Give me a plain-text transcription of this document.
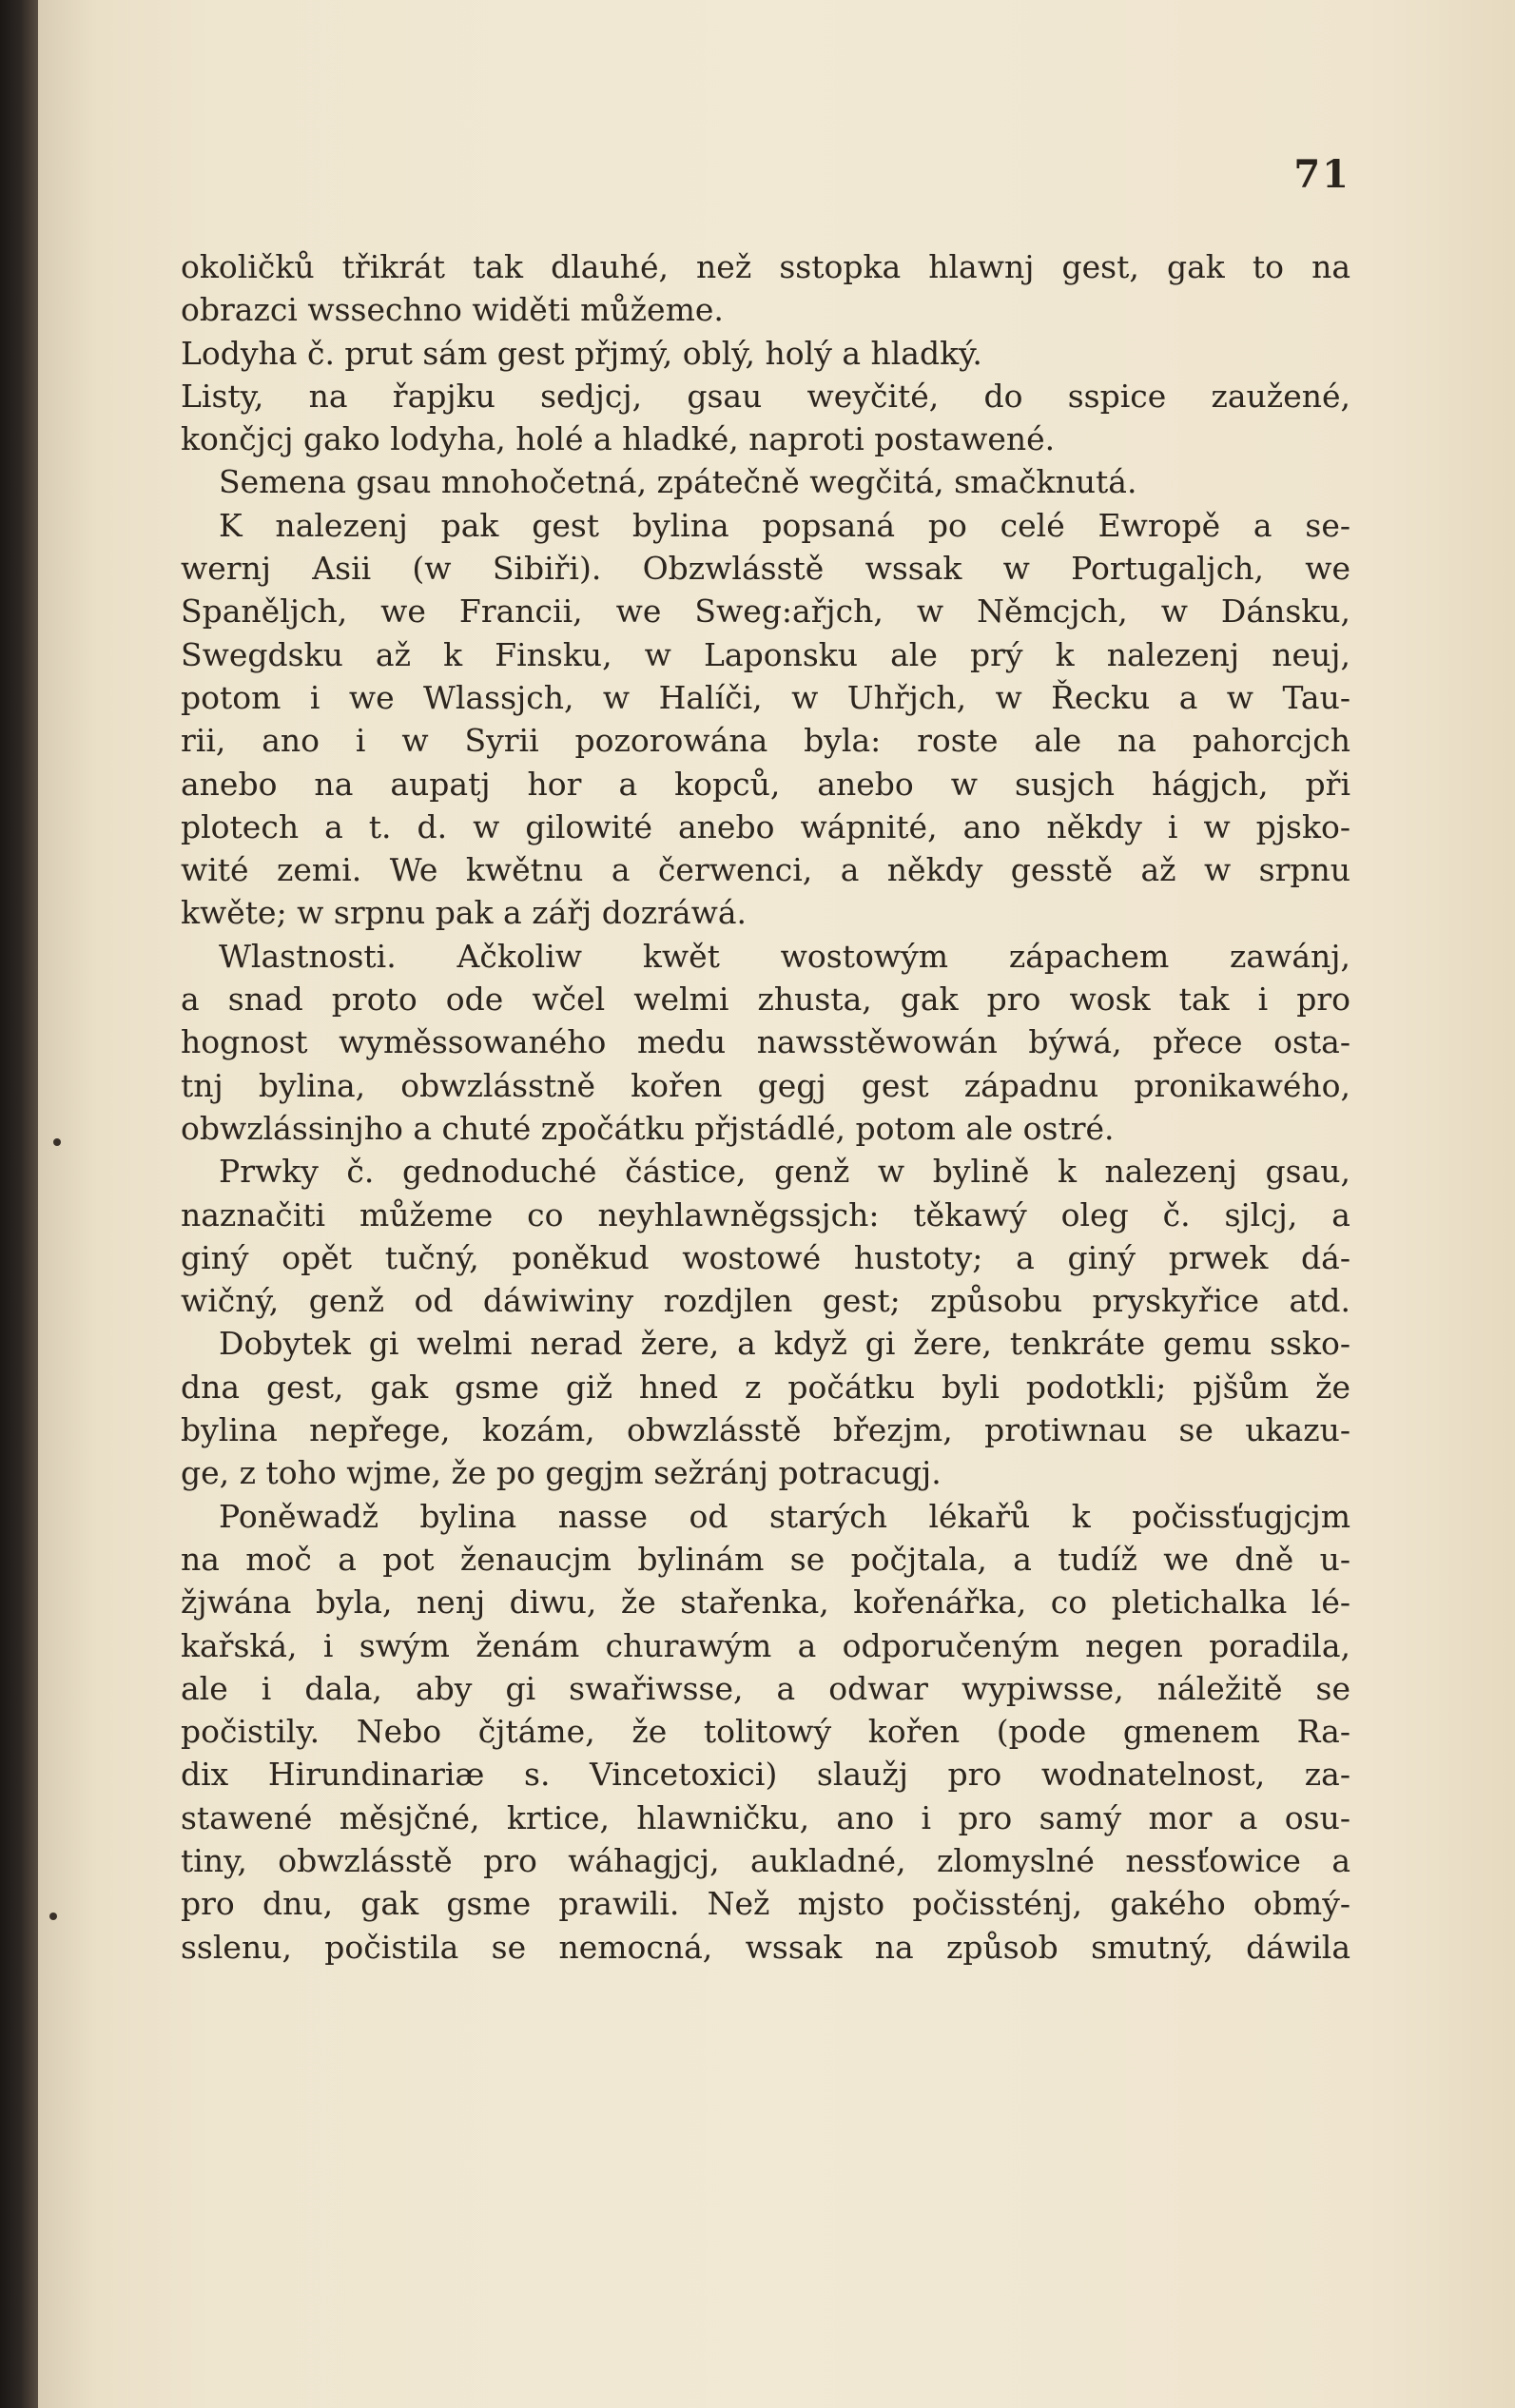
71
okoličků třikrát tak dlauhé, než sstopka hlawnj gest, gak to na
obrazci wssechno widěti můžeme.
Lodyha č. prut sám gest přjmý, oblý, holý a hladký.
Listy, na řapjku sedjcj, gsau weyčité, do sspice zaužené,
končjcj gako lodyha, holé a hladké, naproti postawené.
Semena gsau mnohočetná, zpátečně wegčitá, smačknutá.
K nalezenj pak gest bylina popsaná po celé Ewropě a se-
wernj Asii (w Sibiři). Obzwlásstě wssak w Portugaljch, we
Spaněljch, we Francii, we Sweg:ařjch, w Němcjch, w Dánsku,
Swegdsku až k Finsku, w Laponsku ale prý k nalezenj neuj,
potom i we Wlassjch, w Halíči, w Uhřjch, w Řecku a w Tau-
rii, ano i w Syrii pozorowána byla: roste ale na pahorcjch
anebo na aupatj hor a kopců, anebo w susjch hágjch, při
plotech a t. d. w gilowité anebo wápnité, ano někdy i w pjsko-
wité zemi. We kwětnu a čerwenci, a někdy gesstě až w srpnu
kwěte; w srpnu pak a zářj dozráwá.
Wlastnosti. Ačkoliw kwět wostowým zápachem zawánj,
a snad proto ode wčel welmi zhusta, gak pro wosk tak i pro
hognost wyměssowaného medu nawsstěwowán býwá, přece osta-
tnj bylina, obwzlásstně kořen gegj gest západnu pronikawého,
obwzlássinjho a chuté zpočátku přjstádlé, potom ale ostré.
Prwky č. gednoduché částice, genž w bylině k nalezenj gsau,
naznačiti můžeme co neyhlawněgssjch: těkawý oleg č. sjlcj, a
giný opět tučný, poněkud wostowé hustoty; a giný prwek dá-
wičný, genž od dáwiwiny rozdjlen gest; způsobu prysky​řice atd.
Dobytek gi welmi nerad žere, a když gi žere, tenkráte gemu ssko-
dna gest, gak gsme giž hned z počátku byli podotkli; pjšům že
bylina nepřege, kozám, obwzlásstě březjm, protiwnau se ukazu-
ge, z toho wjme, že po gegjm sežránj potracugj.
Poněwadž bylina nasse od starých lékařů k počissťugjcjm
na moč a pot ženaucjm bylinám se počjtala, a tudíž we dně u-
žjwána byla, nenj diwu, že stařenka, kořenářka, co pletichalka lé-
kařská, i swým ženám churawým a odporučeným negen poradila,
ale i dala, aby gi swařiwsse, a odwar wypiwsse, náležitě se
počistily. Nebo čjtáme, že tolitowý kořen (pode gmenem Ra-
dix Hirundinariæ s. Vincetoxici) slaužj pro wodnatelnost, za-
stawené měsjčné, krtice, hlawničku, ano i pro samý mor a osu-
tiny, obwzlásstě pro wáhagjcj, aukladné, zlomyslné nessťowice a
pro dnu, gak gsme prawili. Než mjsto počissténj, gakého obmý-
sslenu, počistila se nemocná, wssak na způsob smutný, dáwila
